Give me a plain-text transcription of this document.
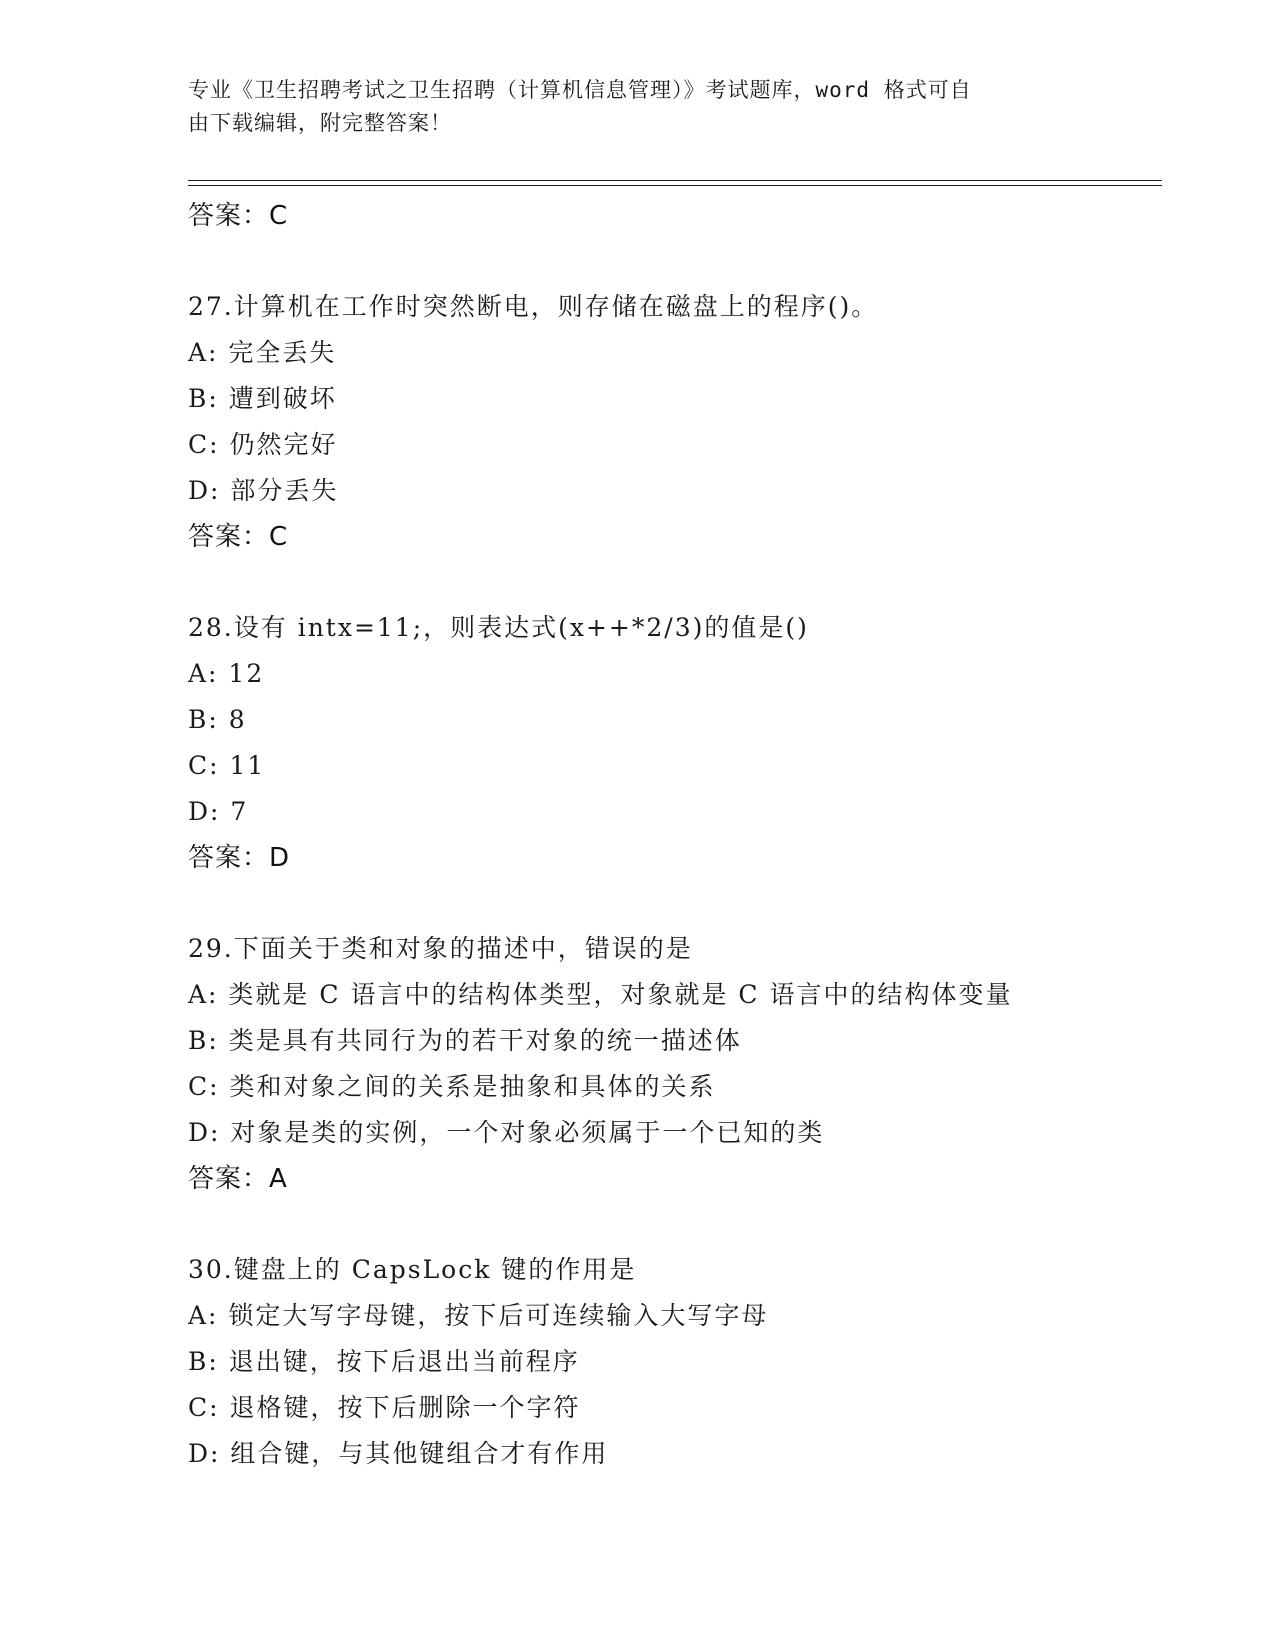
专业《卫生招聘考试之卫生招聘（计算机信息管理）》考试题库，word 格式可自
由下载编辑，附完整答案！
答案：C
27.计算机在工作时突然断电，则存储在磁盘上的程序()。
A: 完全丢失
B: 遭到破坏
C: 仍然完好
D: 部分丢失
答案：C
28.设有 intx=11;，则表达式(x++*2/3)的值是()
A: 12
B: 8
C: 11
D: 7
答案：D
29.下面关于类和对象的描述中，错误的是
A: 类就是 C 语言中的结构体类型，对象就是 C 语言中的结构体变量
B: 类是具有共同行为的若干对象的统一描述体
C: 类和对象之间的关系是抽象和具体的关系
D: 对象是类的实例，一个对象必须属于一个已知的类
答案：A
30.键盘上的 CapsLock 键的作用是
A: 锁定大写字母键，按下后可连续输入大写字母
B: 退出键，按下后退出当前程序
C: 退格键，按下后删除一个字符
D: 组合键，与其他键组合才有作用
